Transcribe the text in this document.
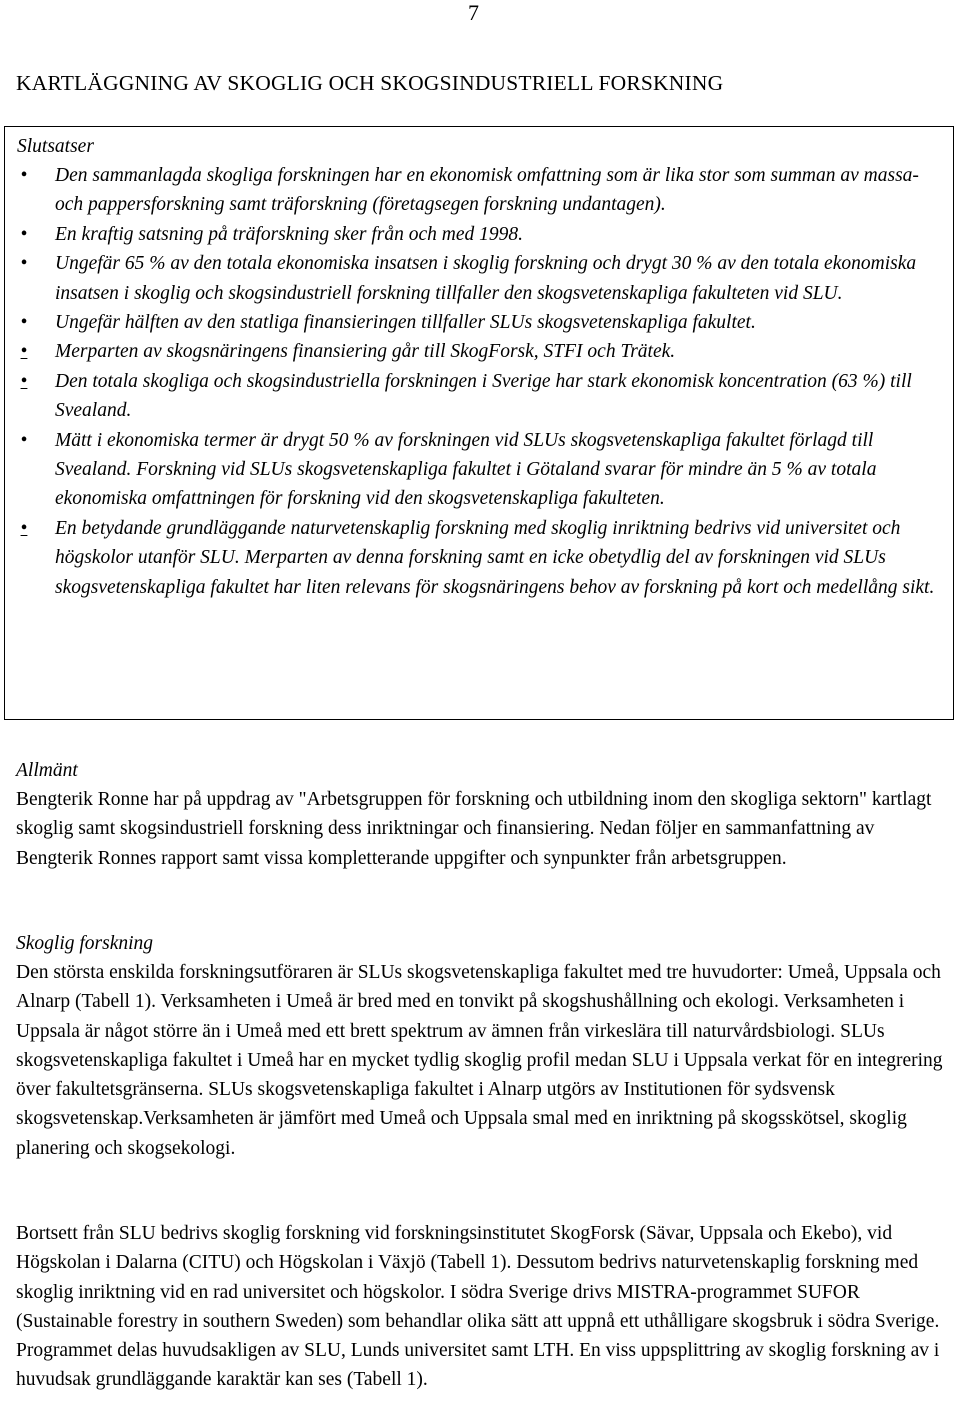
7
KARTLÄGGNING AV SKOGLIG OCH SKOGSINDUSTRIELL FORSKNING
Slutsatser
• Den sammanlagda skogliga forskningen har en ekonomisk omfattning som är lika stor som summan av massa- och pappersforskning samt träforskning (företagsegen forskning undantagen).
• En kraftig satsning på träforskning sker från och med 1998.
• Ungefär 65 % av den totala ekonomiska insatsen i skoglig forskning och drygt 30 % av den totala ekonomiska insatsen i skoglig och skogsindustriell forskning tillfaller den skogsvetenskapliga fakulteten vid SLU.
• Ungefär hälften av den statliga finansieringen tillfaller SLUs skogsvetenskapliga fakultet.
• Merparten av skogsnäringens finansiering går till SkogForsk, STFI och Trätek.
• Den totala skogliga och skogsindustriella forskningen i Sverige har stark ekonomisk koncentration (63 %) till Svealand.
• Mätt i ekonomiska termer är drygt 50 % av forskningen vid SLUs skogsvetenskapliga fakultet förlagd till Svealand. Forskning vid SLUs skogsvetenskapliga fakultet i Götaland svarar för mindre än 5 % av totala ekonomiska omfattningen för forskning vid den skogsvetenskapliga fakulteten.
• En betydande grundläggande naturvetenskaplig forskning med skoglig inriktning bedrivs vid universitet och högskolor utanför SLU. Merparten av denna forskning samt en icke obetydlig del av forskningen vid SLUs skogsvetenskapliga fakultet har liten relevans för skogsnäringens behov av forskning på kort och medellång sikt.
Allmänt

Bengterik Ronne har på uppdrag av "Arbetsgruppen för forskning och utbildning inom den skogliga sektorn" kartlagt skoglig samt skogsindustriell forskning dess inriktningar och finansiering. Nedan följer en sammanfattning av Bengterik Ronnes rapport samt vissa kompletterande uppgifter och synpunkter från arbetsgruppen.

Skoglig forskning

Den största enskilda forskningsutföraren är SLUs skogsvetenskapliga fakultet med tre huvudorter: Umeå, Uppsala och Alnarp (Tabell 1). Verksamheten i Umeå är bred med en tonvikt på skogshushållning och ekologi. Verksamheten i Uppsala är något större än i Umeå med ett brett spektrum av ämnen från virkeslära till naturvårdsbiologi. SLUs skogsvetenskapliga fakultet i Umeå har en mycket tydlig skoglig profil medan SLU i Uppsala verkat för en integrering över fakultetsgränserna. SLUs skogsvetenskapliga fakultet i Alnarp utgörs av Institutionen för sydsvensk skogsvetenskap.Verksamheten är jämfört med Umeå och Uppsala smal med en inriktning på skogsskötsel, skoglig planering och skogsekologi.

Bortsett från SLU bedrivs skoglig forskning vid forskningsinstitutet SkogForsk (Sävar, Uppsala och Ekebo), vid Högskolan i Dalarna (CITU) och Högskolan i Växjö (Tabell 1). Dessutom bedrivs naturvetenskaplig forskning med skoglig inriktning vid en rad universitet och högskolor. I södra Sverige drivs MISTRA-programmet SUFOR (Sustainable forestry in southern Sweden) som behandlar olika sätt att uppnå ett uthålligare skogsbruk i södra Sverige. Programmet delas huvudsakligen av SLU, Lunds universitet samt LTH. En viss uppsplittring av skoglig forskning av i huvudsak grundläggande karaktär kan ses (Tabell 1).
